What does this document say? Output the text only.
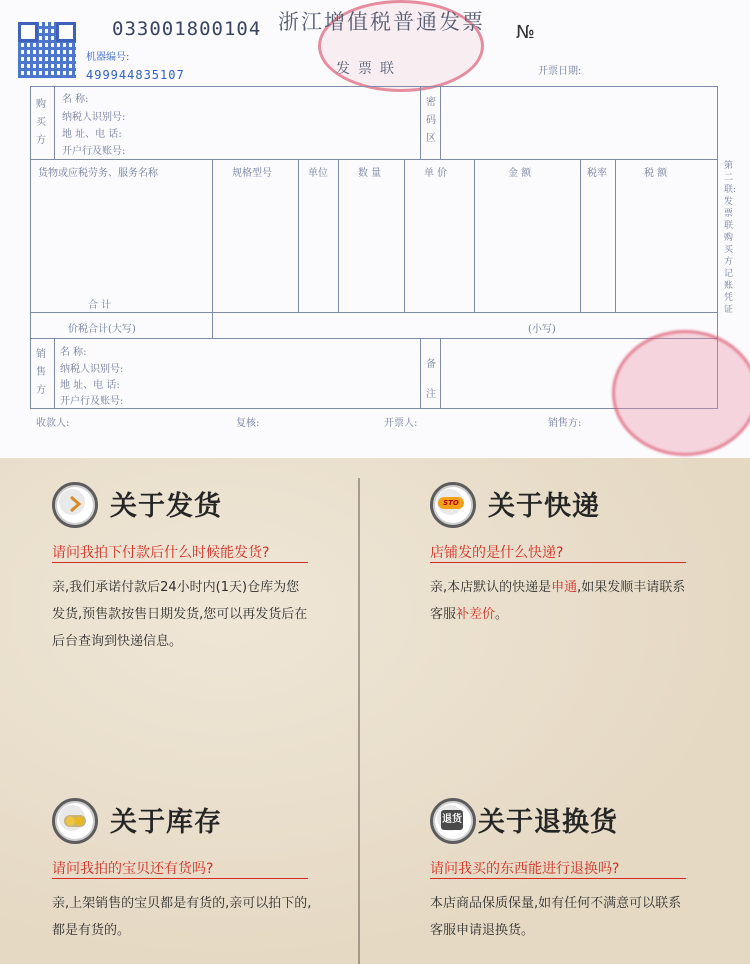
033001800104 浙江增值税普通发票
发票联
№
机器编号:
499944835107	开票日期:
购买方
名 称:
纳税人识别号:
地 址、电 话:
开户行及账号:
密码区
货物或应税劳务、服务名称	规格型号	单位	数 量	单 价	金 额	税率	税 额
合 计
价税合计(大写)	(小写)
销售方
名 称:
纳税人识别号:
地 址、电 话:
开户行及账号:
备注
收款人:	复核:	开票人:	销售方:
第二联:发票联 购买方记账凭证
关于发货
请问我拍下付款后什么时候能发货?
亲,我们承诺付款后24小时内(1天)仓库为您发货,预售款按售日期发货,您可以再发货后在后台查询到快递信息。
STO 关于快递
店铺发的是什么快递?
亲,本店默认的快递是申通,如果发顺丰请联系客服补差价。
关于库存
请问我拍的宝贝还有货吗?
亲,上架销售的宝贝都是有货的,亲可以拍下的,都是有货的。
退货 关于退换货
请问我买的东西能进行退换吗?
本店商品保质保量,如有任何不满意可以联系客服申请退换货。
